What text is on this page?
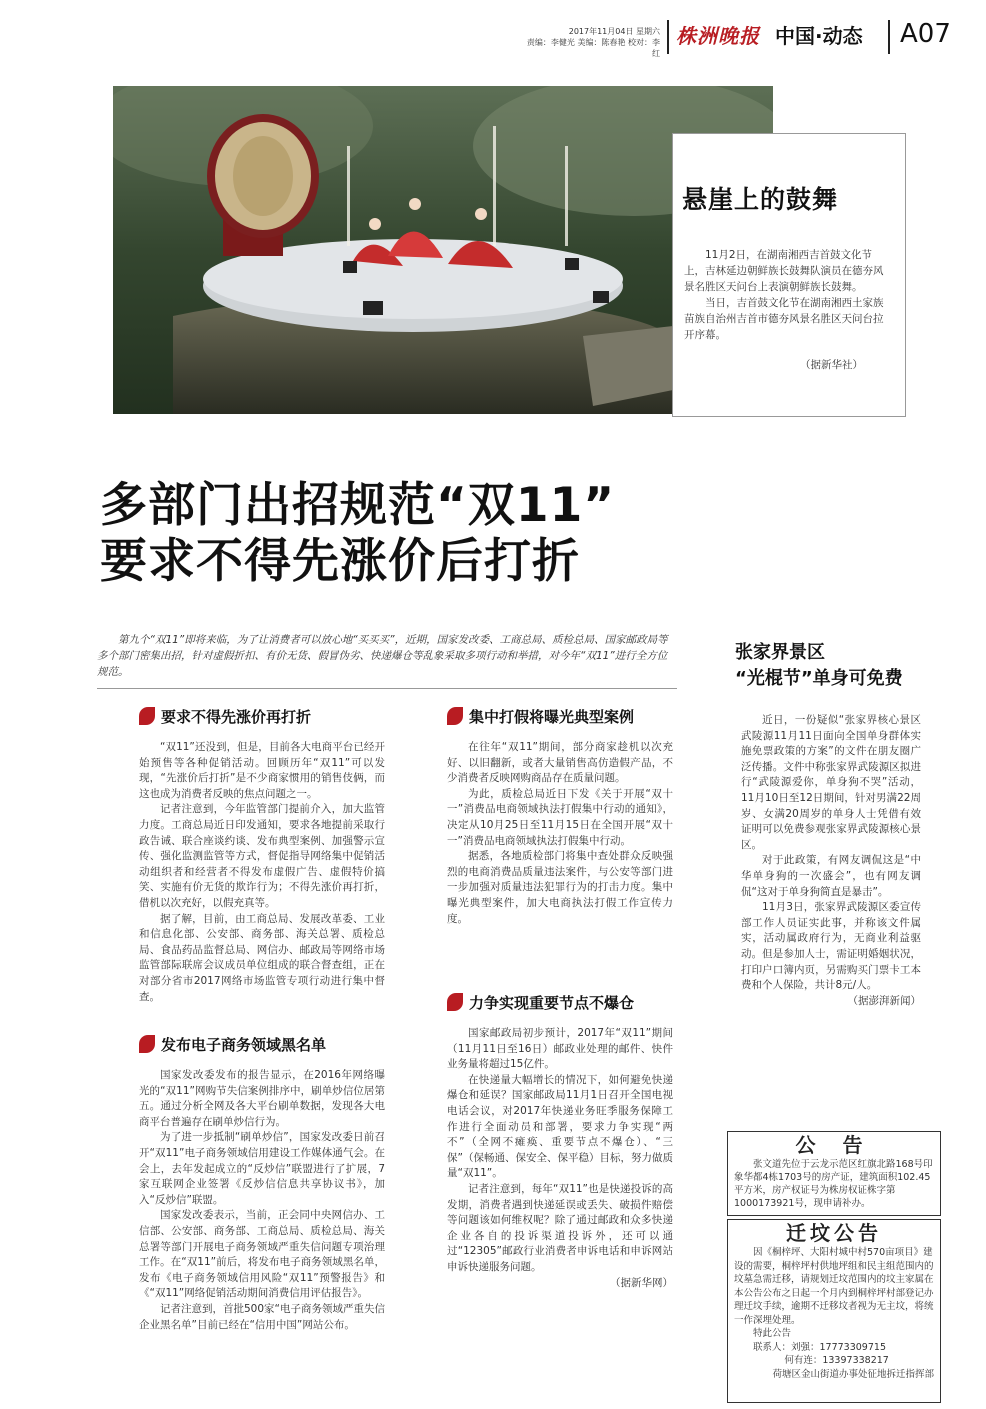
2017年11月04日 星期六
责编：李健光 美编：陈春艳 校对：李红
株洲晚报 中国·动态 A07
悬崖上的鼓舞

11月2日，在湖南湘西吉首鼓文化节上，吉林延边朝鲜族长鼓舞队演员在德夯风景名胜区天问台上表演朝鲜族长鼓舞。

当日，吉首鼓文化节在湖南湘西土家族苗族自治州吉首市德夯风景名胜区天问台拉开序幕。

（据新华社）
多部门出招规范“双11”
要求不得先涨价后打折
第九个“双11”即将来临，为了让消费者可以放心地“买买买”，近期，国家发改委、工商总局、质检总局、国家邮政局等多个部门密集出招，针对虚假折扣、有价无货、假冒伪劣、快递爆仓等乱象采取多项行动和举措，对今年“双11”进行全方位规范。
要求不得先涨价再打折

“双11”还没到，但是，目前各大电商平台已经开始预售等各种促销活动。回顾历年“双11”可以发现，“先涨价后打折”是不少商家惯用的销售伎俩，而这也成为消费者反映的焦点问题之一。

记者注意到，今年监管部门提前介入，加大监管力度。工商总局近日印发通知，要求各地提前采取行政告诫、联合座谈约谈、发布典型案例、加强警示宣传、强化监测监管等方式，督促指导网络集中促销活动组织者和经营者不得发布虚假广告、虚假特价搞笑、实施有价无货的欺诈行为；不得先涨价再打折，借机以次充好，以假充真等。

据了解，目前，由工商总局、发展改革委、工业和信息化部、公安部、商务部、海关总署、质检总局、食品药品监督总局、网信办、邮政局等网络市场监管部际联席会议成员单位组成的联合督查组，正在对部分省市2017网络市场监管专项行动进行集中督查。

发布电子商务领域黑名单

国家发改委发布的报告显示，在2016年网络曝光的“双11”网购节失信案例排序中，刷单炒信位居第五。通过分析全网及各大平台刷单数据，发现各大电商平台普遍存在刷单炒信行为。

为了进一步抵制“刷单炒信”，国家发改委日前召开“双11”电子商务领域信用建设工作媒体通气会。在会上，去年发起成立的“反炒信”联盟进行了扩展，7家互联网企业签署《反炒信信息共享协议书》，加入“反炒信”联盟。

国家发改委表示，当前，正会同中央网信办、工信部、公安部、商务部、工商总局、质检总局、海关总署等部门开展电子商务领域严重失信问题专项治理工作。在“双11”前后，将发布电子商务领域黑名单，发布《电子商务领域信用风险“双11”预警报告》和《“双11”网络促销活动期间消费信用评估报告》。

记者注意到，首批500家“电子商务领域严重失信企业黑名单”目前已经在“信用中国”网站公布。

集中打假将曝光典型案例

在往年“双11”期间，部分商家趁机以次充好、以旧翻新，或者大量销售高仿造假产品，不少消费者反映网购商品存在质量问题。

为此，质检总局近日下发《关于开展“双十一”消费品电商领域执法打假集中行动的通知》，决定从10月25日至11月15日在全国开展“双十一”消费品电商领域执法打假集中行动。

据悉，各地质检部门将集中查处群众反映强烈的电商消费品质量违法案件，与公安等部门进一步加强对质量违法犯罪行为的打击力度。集中曝光典型案件，加大电商执法打假工作宣传力度。

力争实现重要节点不爆仓

国家邮政局初步预计，2017年“双11”期间（11月11日至16日）邮政业处理的邮件、快件业务量将超过15亿件。

在快递量大幅增长的情况下，如何避免快递爆仓和延误？国家邮政局11月1日召开全国电视电话会议，对2017年快递业务旺季服务保障工作进行全面动员和部署，要求力争实现“两不”（全网不瘫痪、重要节点不爆仓）、“三保”（保畅通、保安全、保平稳）目标，努力做质量“双11”。

记者注意到，每年“双11”也是快递投诉的高发期，消费者遇到快递延误或丢失、破损件赔偿等问题该如何维权呢？除了通过邮政和众多快递企业各自的投诉渠道投诉外，还可以通过“12305”邮政行业消费者申诉电话和申诉网站申诉快递服务问题。

（据新华网）
张家界景区
“光棍节”单身可免费

近日，一份疑似“张家界核心景区武陵源11月11日面向全国单身群体实施免票政策的方案”的文件在朋友圈广泛传播。文件中称张家界武陵源区拟进行“武陵源爱你，单身狗不哭”活动，11月10日至12日期间，针对男满22周岁、女满20周岁的单身人士凭借有效证明可以免费参观张家界武陵源核心景区。

对于此政策，有网友调侃这是“中华单身狗的一次盛会”，也有网友调侃“这对于单身狗简直是暴击”。

11月3日，张家界武陵源区委宣传部工作人员证实此事，并称该文件属实，活动属政府行为，无商业利益驱动。但是参加人士，需证明婚姻状况，打印户口簿内页，另需购买门票卡工本费和个人保险，共计8元/人。

（据澎湃新闻）
公 告
张文道先位于云龙示范区红旗北路168号印象华都4栋1703号的房产证，建筑面积102.45平方米，房产权证号为株房权证株字第1000173921号，现申请补办。
迁坟公告

因《桐梓坪、大阳村城中村570亩项目》建设的需要，桐梓坪村供地坪组和民主组范围内的坟墓急需迁移，请规划迁坟范围内的坟主家属在本公告公布之日起一个月内到桐梓坪村部登记办理迁坟手续，逾期不迁移坟者视为无主坟，将统一作深埋处理。

特此公告

联系人：刘强：17773309715

何有连：13397338217

荷塘区金山街道办事处征地拆迁指挥部
